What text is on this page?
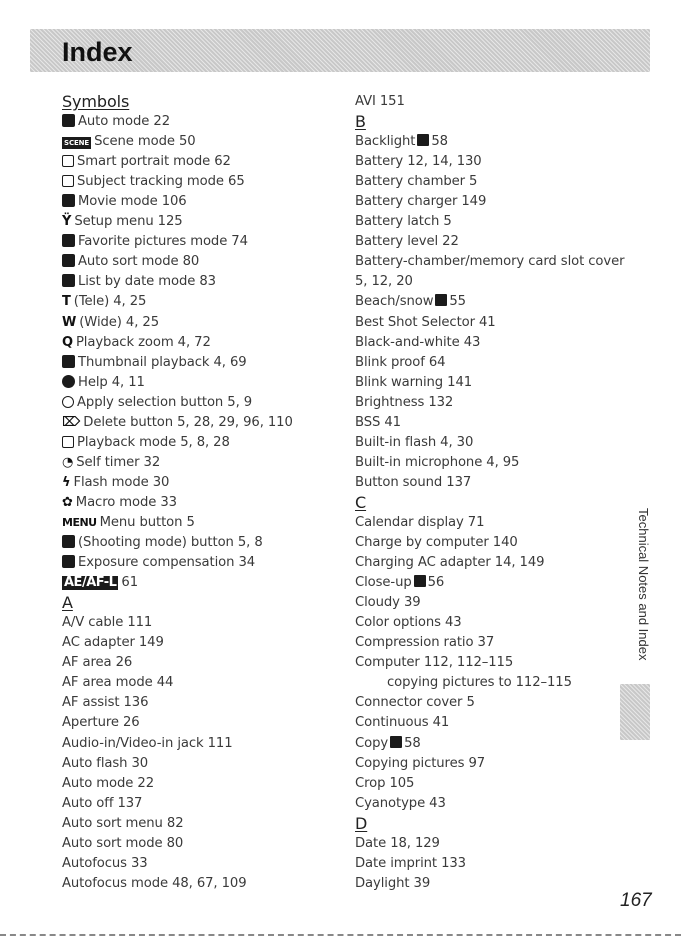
Index
Symbols
Auto mode 22
SCENE Scene mode 50
Smart portrait mode 62
Subject tracking mode 65
Movie mode 106
Ÿ Setup menu 125
Favorite pictures mode 74
Auto sort mode 80
List by date mode 83
T (Tele) 4, 25
W (Wide) 4, 25
Q Playback zoom 4, 72
Thumbnail playback 4, 69
Help 4, 11
Apply selection button 5, 9
⌦ Delete button 5, 28, 29, 96, 110
Playback mode 5, 8, 28
◔ Self timer 32
ϟ Flash mode 30
✿ Macro mode 33
MENU Menu button 5
(Shooting mode) button 5, 8
Exposure compensation 34
AE/AF-L 61
A
A/V cable 111
AC adapter 149
AF area 26
AF area mode 44
AF assist 136
Aperture 26
Audio-in/Video-in jack 111
Auto flash 30
Auto mode 22
Auto off 137
Auto sort menu 82
Auto sort mode 80
Autofocus 33
Autofocus mode 48, 67, 109
AVI 151
B
Backlight 58
Battery 12, 14, 130
Battery chamber 5
Battery charger 149
Battery latch 5
Battery level 22
Battery-chamber/memory card slot cover
5, 12, 20
Beach/snow 55
Best Shot Selector 41
Black-and-white 43
Blink proof 64
Blink warning 141
Brightness 132
BSS 41
Built-in flash 4, 30
Built-in microphone 4, 95
Button sound 137
C
Calendar display 71
Charge by computer 140
Charging AC adapter 14, 149
Close-up 56
Cloudy 39
Color options 43
Compression ratio 37
Computer 112, 112–115
copying pictures to 112–115
Connector cover 5
Continuous 41
Copy 58
Copying pictures 97
Crop 105
Cyanotype 43
D
Date 18, 129
Date imprint 133
Daylight 39
Technical Notes and Index
167
